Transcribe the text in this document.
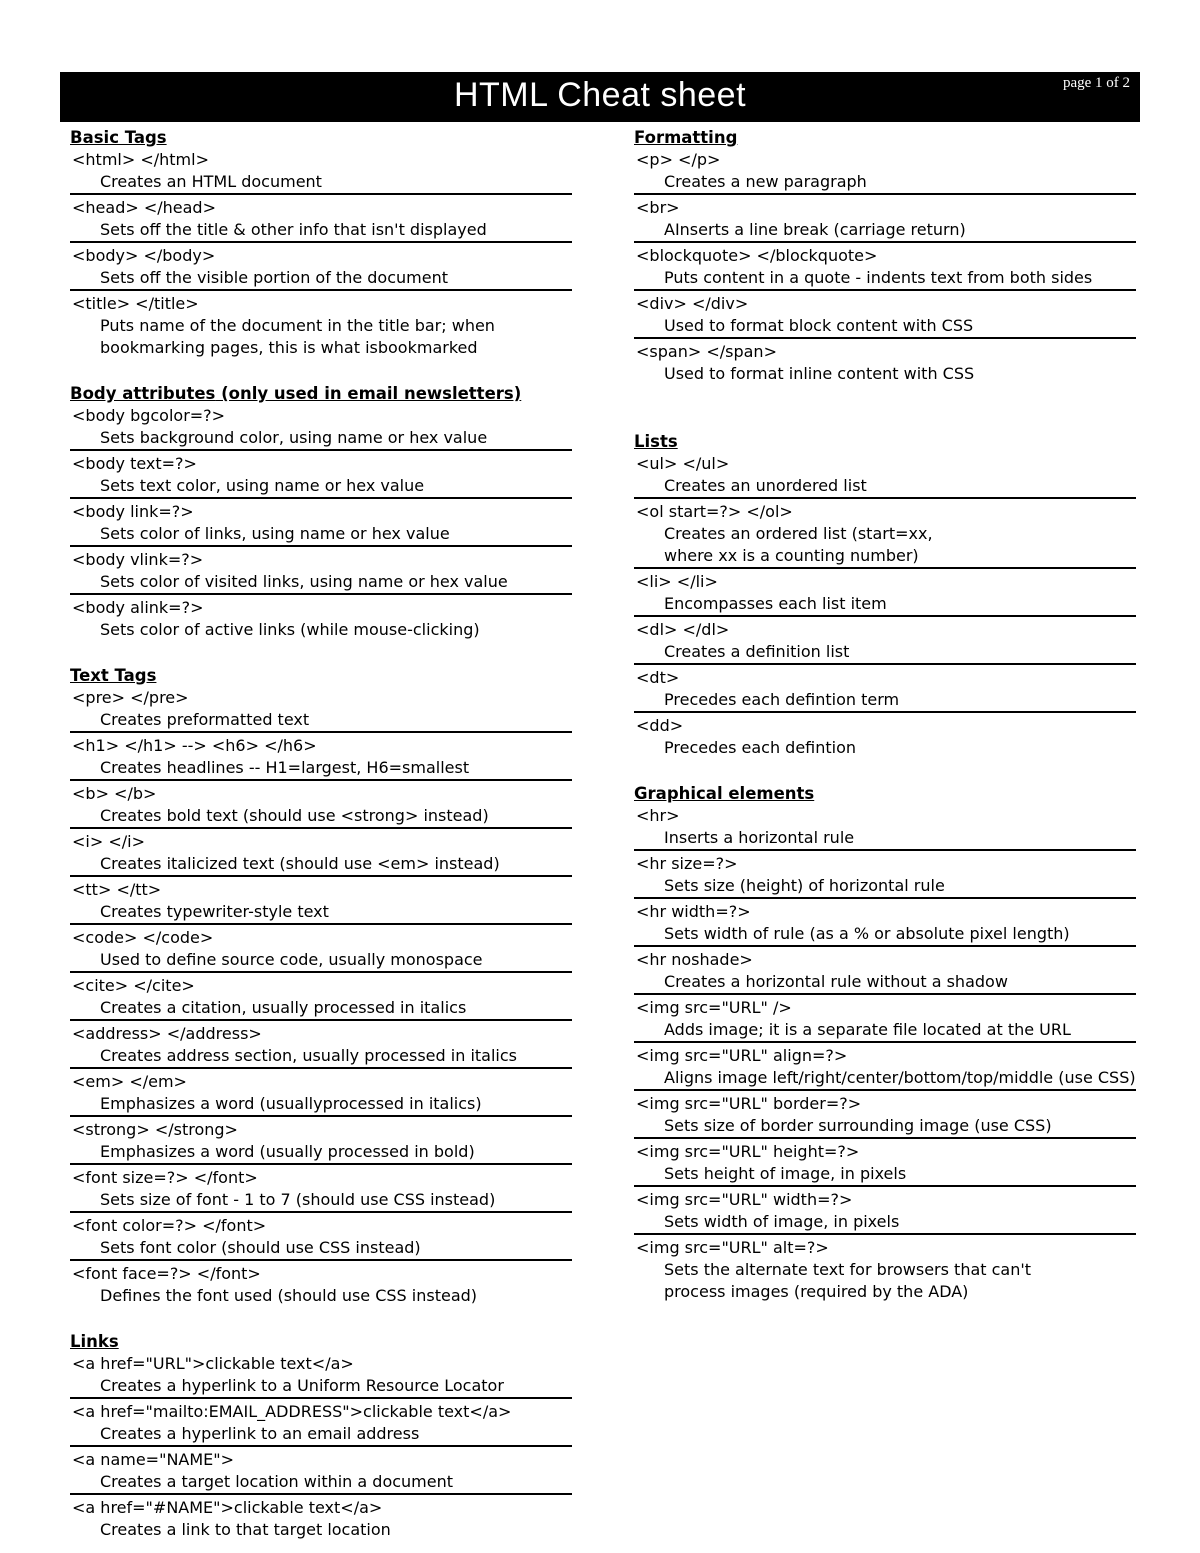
HTML Cheat sheet	page 1 of 2
Basic Tags
<html> </html>
Creates an HTML document
<head> </head>
Sets off the title & other info that isn't displayed
<body> </body>
Sets off the visible portion of the document
<title> </title>
Puts name of the document in the title bar; when
bookmarking pages, this is what isbookmarked
Body attributes (only used in email newsletters)
<body bgcolor=?>
Sets background color, using name or hex value
<body text=?>
Sets text color, using name or hex value
<body link=?>
Sets color of links, using name or hex value
<body vlink=?>
Sets color of visited links, using name or hex value
<body alink=?>
Sets color of active links (while mouse-clicking)
Text Tags
<pre> </pre>
Creates preformatted text
<h1> </h1> --> <h6> </h6>
Creates headlines -- H1=largest, H6=smallest
<b> </b>
Creates bold text (should use <strong> instead)
<i> </i>
Creates italicized text (should use <em> instead)
<tt> </tt>
Creates typewriter-style text
<code> </code>
Used to define source code, usually monospace
<cite> </cite>
Creates a citation, usually processed in italics
<address> </address>
Creates address section, usually processed in italics
<em> </em>
Emphasizes a word (usuallyprocessed in italics)
<strong> </strong>
Emphasizes a word (usually processed in bold)
<font size=?> </font>
Sets size of font - 1 to 7 (should use CSS instead)
<font color=?> </font>
Sets font color (should use CSS instead)
<font face=?> </font>
Defines the font used (should use CSS instead)
Links
<a href="URL">clickable text</a>
Creates a hyperlink to a Uniform Resource Locator
<a href="mailto:EMAIL_ADDRESS">clickable text</a>
Creates a hyperlink to an email address
<a name="NAME">
Creates a target location within a document
<a href="#NAME">clickable text</a>
Creates a link to that target location
Formatting
<p> </p>
Creates a new paragraph
<br>
AInserts a line break (carriage return)
<blockquote> </blockquote>
Puts content in a quote - indents text from both sides
<div> </div>
Used to format block content with CSS
<span> </span>
Used to format inline content with CSS
Lists
<ul> </ul>
Creates an unordered list
<ol start=?> </ol>
Creates an ordered list (start=xx,
where xx is a counting number)
<li> </li>
Encompasses each list item
<dl> </dl>
Creates a definition list
<dt>
Precedes each defintion term
<dd>
Precedes each defintion
Graphical elements
<hr>
Inserts a horizontal rule
<hr size=?>
Sets size (height) of horizontal rule
<hr width=?>
Sets width of rule (as a % or absolute pixel length)
<hr noshade>
Creates a horizontal rule without a shadow
<img src="URL" />
Adds image; it is a separate file located at the URL
<img src="URL" align=?>
Aligns image left/right/center/bottom/top/middle (use CSS)
<img src="URL" border=?>
Sets size of border surrounding image (use CSS)
<img src="URL" height=?>
Sets height of image, in pixels
<img src="URL" width=?>
Sets width of image, in pixels
<img src="URL" alt=?>
Sets the alternate text for browsers that can't
process images (required by the ADA)
